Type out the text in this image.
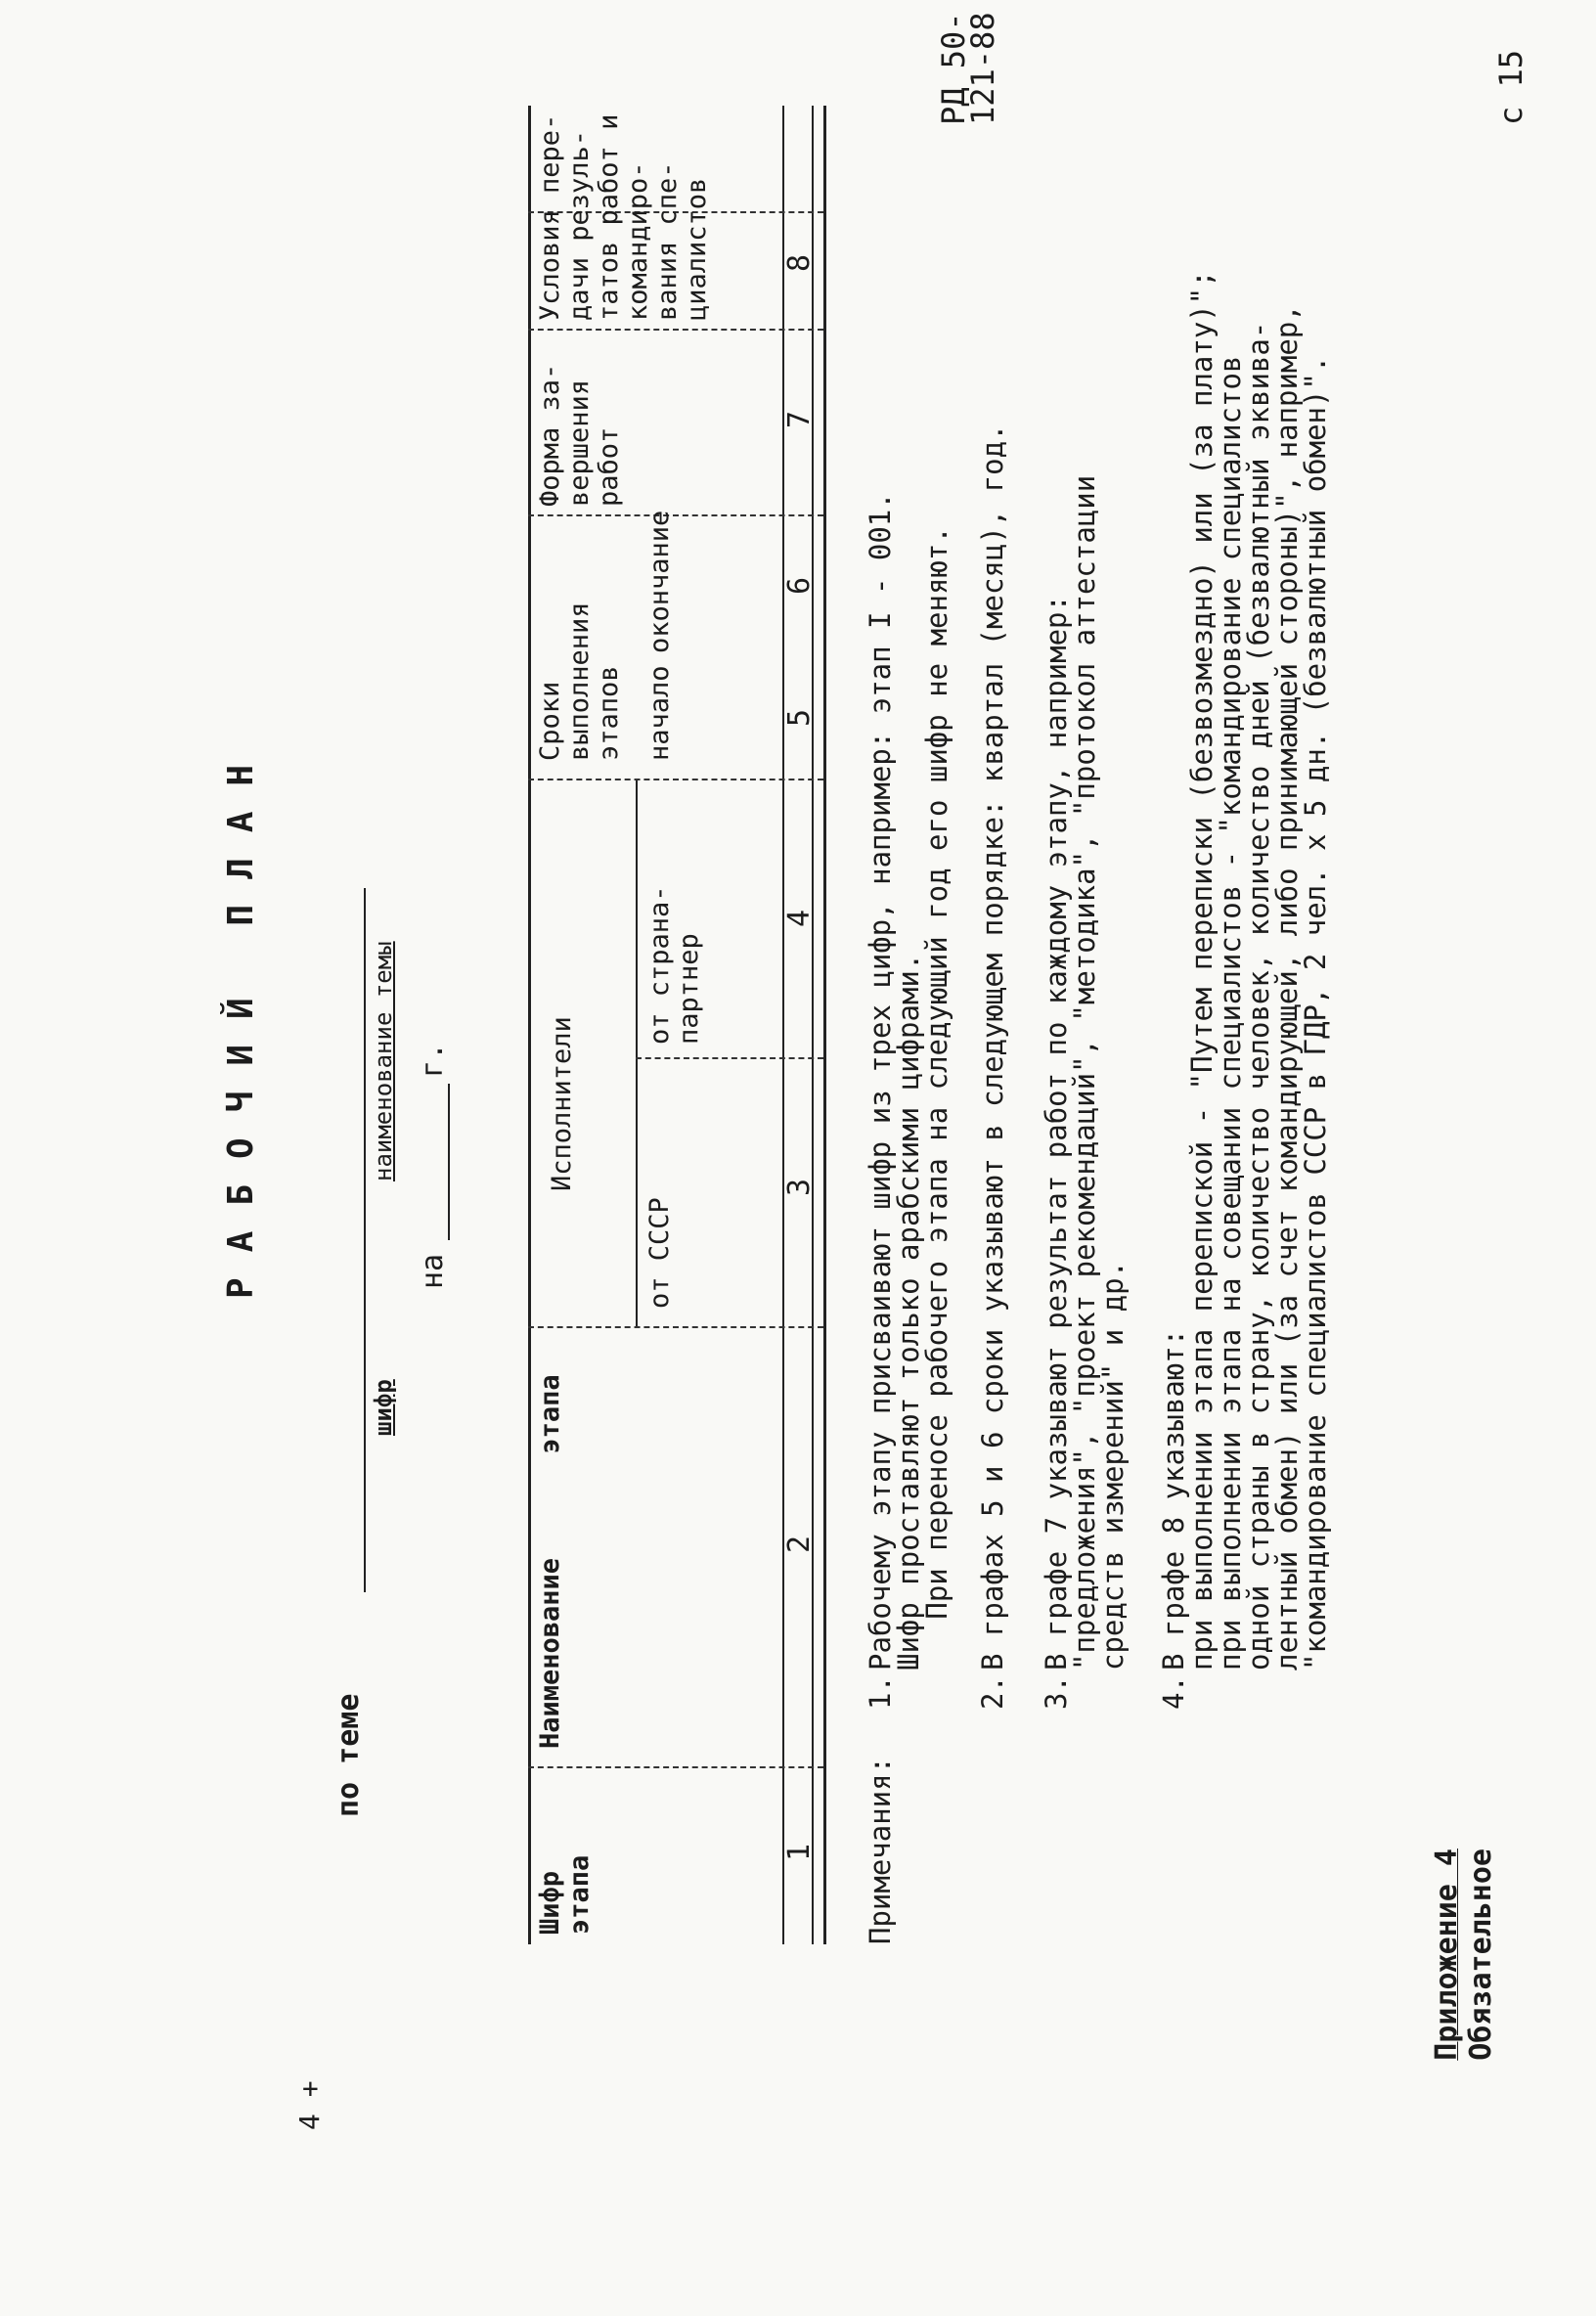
Приложение 4 Обязательное
РД 50-121-88	с 15
4 +
РАБОЧИЙ ПЛАН
по теме
шифр
наименование темы
на
г.
Шифр этапа
Наименование этапа
Исполнители
от СССР
от страна- партнер
Сроки выполнения этапов начало
окончание
Форма за- вершения работ
Условия пере- дачи резуль- татов работ и командиро- вания спе- циалистов
1
2
3
4
5
6
7
8
Примечания:
1.
Рабочему этапу присваивают шифр из трех цифр, например: этап I - 001.
Шифр проставляют только арабскими цифрами.
При переносе рабочего этапа на следующий год его шифр не меняют.
2.
В графах 5 и 6 сроки указывают в следующем порядке: квартал (месяц), год.
3.
В графе 7 указывают результат работ по каждому этапу, например:
"предложения", "проект рекомендаций", "методика", "протокол аттестации
средств измерений" и др.
4.
В графе 8 указывают:
при выполнении этапа перепиской - "Путем переписки (безвозмездно) или (за плату)";
при выполнении этапа на совещании специалистов - "командирование специалистов
одной страны в страну, количество человек, количество дней (безвалютный эквива-
лентный обмен) или (за счет командирующей, либо принимающей стороны)", например,
"командирование специалистов СССР в ГДР, 2 чел. х 5 дн. (безвалютный обмен)".
